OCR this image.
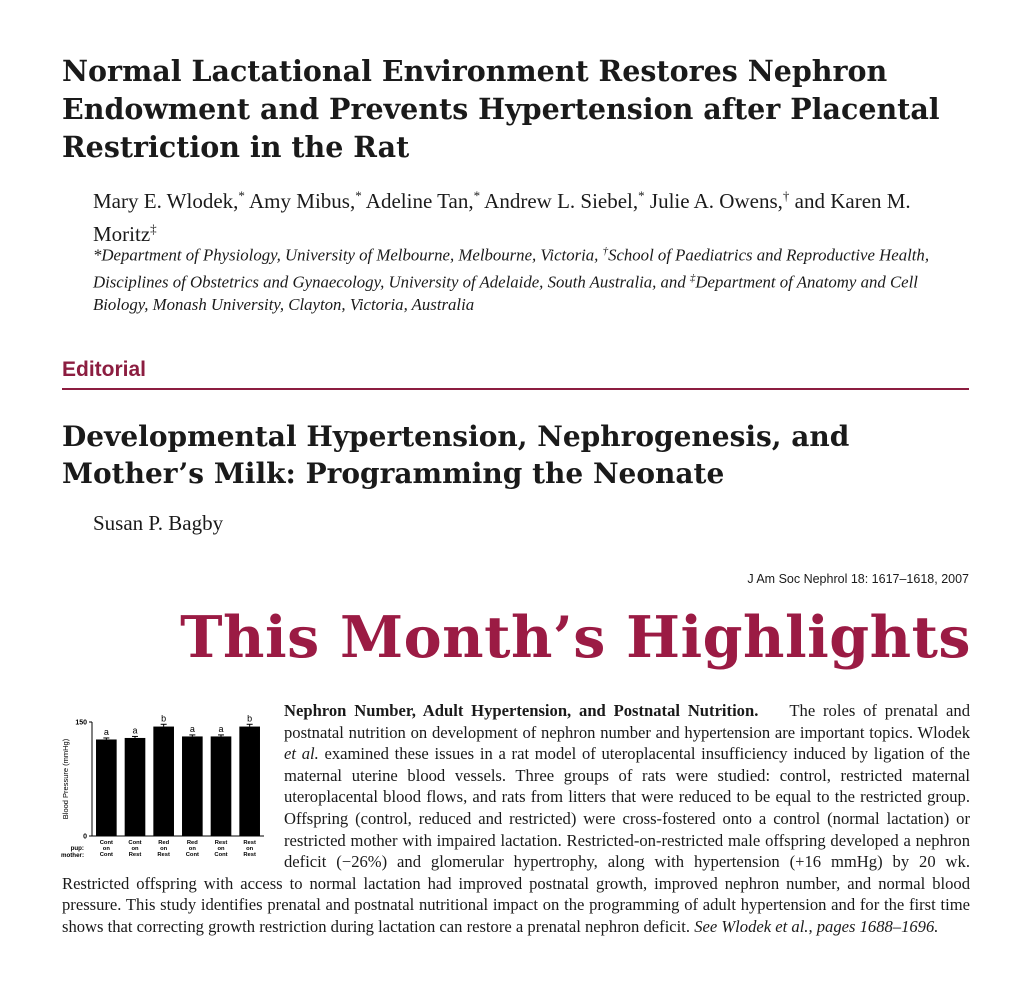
Normal Lactational Environment Restores Nephron Endowment and Prevents Hypertension after Placental Restriction in the Rat
Mary E. Wlodek,* Amy Mibus,* Adeline Tan,* Andrew L. Siebel,* Julie A. Owens,† and Karen M. Moritz‡
*Department of Physiology, University of Melbourne, Melbourne, Victoria, †School of Paediatrics and Reproductive Health, Disciplines of Obstetrics and Gynaecology, University of Adelaide, South Australia, and ‡Department of Anatomy and Cell Biology, Monash University, Clayton, Victoria, Australia
Editorial
Developmental Hypertension, Nephrogenesis, and Mother’s Milk: Programming the Neonate
Susan P. Bagby
J Am Soc Nephrol 18: 1617–1618, 2007
This Month’s Highlights
0
150
Blood Pressure (mmHg)
a
Cont
on
Cont
a
Cont
on
Rest
b
Red
on
Rest
a
Red
on
Cont
a
Rest
on
Cont
b
Rest
on
Rest
pup:
mother:

Nephron Number, Adult Hypertension, and Postnatal Nutrition. The roles of prenatal and postnatal nutrition on development of nephron number and hypertension are important topics. Wlodek et al. examined these issues in a rat model of uteroplacental insufficiency induced by ligation of the maternal uterine blood vessels. Three groups of rats were studied: control, restricted maternal uteroplacental blood flows, and rats from litters that were reduced to be equal to the restricted group. Offspring (control, reduced and restricted) were cross-fostered onto a control (normal lactation) or restricted mother with impaired lactation. Restricted-on-restricted male offspring developed a nephron deficit (−26%) and glomerular hypertrophy, along with hypertension (+16 mmHg) by 20 wk. Restricted offspring with access to normal lactation had improved postnatal growth, improved nephron number, and normal blood pressure. This study identifies prenatal and postnatal nutritional impact on the programming of adult hypertension and for the first time shows that correcting growth restriction during lactation can restore a prenatal nephron deficit. See Wlodek et al., pages 1688–1696.
